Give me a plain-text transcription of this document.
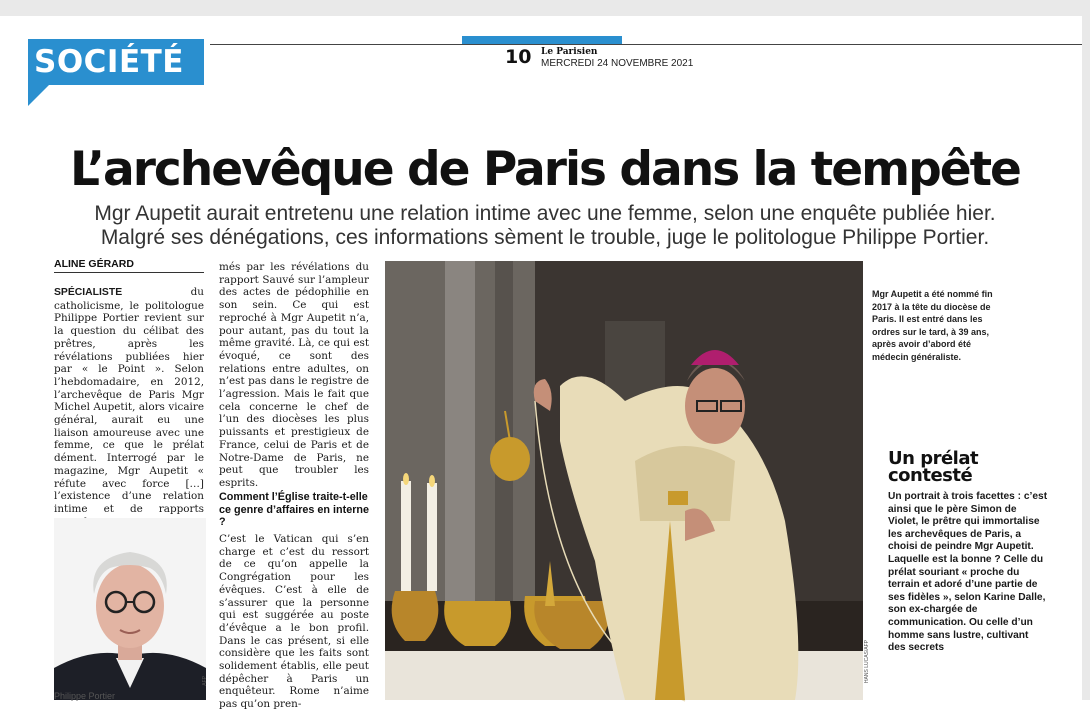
SOCIÉTÉ	10 Le Parisien
MERCREDI 24 NOVEMBRE 2021
L’archevêque de Paris dans la tempête
Mgr Aupetit aurait entretenu une relation intime avec une femme, selon une enquête publiée hier.
Malgré ses dénégations, ces informations sèment le trouble, juge le politologue Philippe Portier.
ALINE GÉRARD
SPÉCIALISTE	du catholicisme, le politologue Philippe Portier revient sur la question du célibat des prêtres, après les révélations publiées hier par « le Point ». Selon l’hebdomadaire, en 2012, l’archevêque de Paris Mgr Michel Aupetit, alors vicaire général, aurait eu une liaison amoureuse avec une femme, ce que le prélat dément. Interrogé par le magazine, Mgr Aupetit « réfute avec force […] l’existence d’une relation intime et de rapports
més par les révélations du rapport Sauvé sur l’ampleur des actes de pédophilie en son sein. Ce qui est reproché à Mgr Aupetit n’a, pour autant, pas du tout la même gravité. Là, ce qui est évoqué, ce sont des relations entre adultes, on n’est pas dans le registre de l’agression. Mais le fait que cela concerne le chef de l’un des diocèses les plus puissants et prestigieux de France, celui de Paris et de Notre-Dame de Paris, ne peut que troubler les esprits.
Comment l’Église traite-t-elle ce genre d’affaires en interne ?
C’est le Vatican qui s’en charge et c’est du ressort de ce qu’on appelle la Congrégation pour les évêques. C’est à elle de s’assurer que la personne qui est suggérée au poste d’évêque a le bon profil. Dans le cas présent, si elle considère que les faits sont solidement établis, elle peut dépêcher à Paris un enquêteur. Rome n’aime pas qu’on pren-
AFP
Philippe Portier
HANS LUCAS/AFP
Mgr Aupetit a été nommé fin 2017 à la tête du diocèse de Paris. Il est entré dans les ordres sur le tard, à 39 ans, après avoir d’abord été médecin généraliste.
Un prélat contesté
Un portrait à trois facettes : c’est ainsi que le père Simon de Violet, le prêtre qui immortalise les archevêques de Paris, a choisi de peindre Mgr Aupetit. Laquelle est la bonne ? Celle du prélat souriant « proche du terrain et adoré d’une partie de ses fidèles », selon Karine Dalle, son ex-chargée de communication. Ou celle d’un homme sans lustre, cultivant des secrets
